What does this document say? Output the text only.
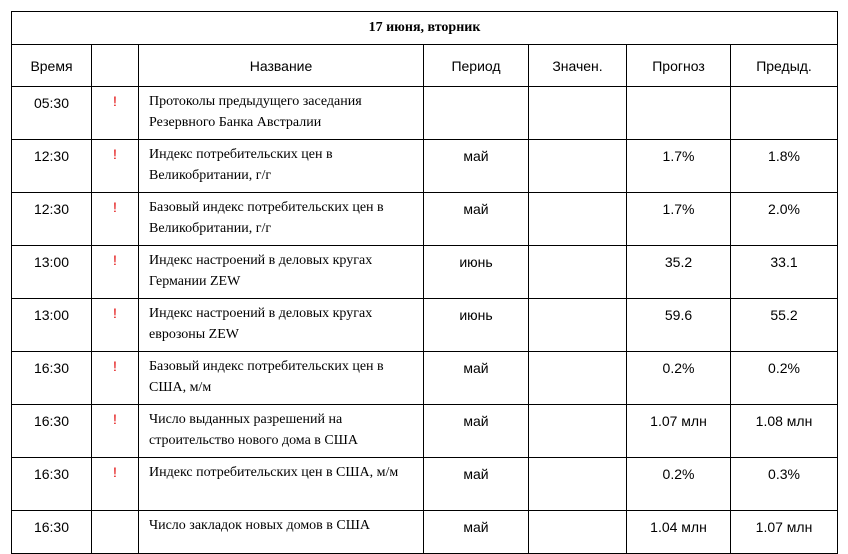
17 июня, вторник						
Время		Название	Период	Значен.	Прогноз	Предыд.
05:30	!	Протоколы предыдущего заседания Резервного Банка Австралии				
12:30	!	Индекс потребительских цен в Великобритании, г/г	май		1.7%	1.8%
12:30	!	Базовый индекс потребительских цен в Великобритании, г/г	май		1.7%	2.0%
13:00	!	Индекс настроений в деловых кругах Германии ZEW	июнь		35.2	33.1
13:00	!	Индекс настроений в деловых кругах еврозоны ZEW	июнь		59.6	55.2
16:30	!	Базовый индекс потребительских цен в США, м/м	май		0.2%	0.2%
16:30	!	Число выданных разрешений на строительство нового дома в США	май		1.07 млн	1.08 млн
16:30	!	Индекс потребительских цен в США, м/м	май		0.2%	0.3%
16:30		Число закладок новых домов в США	май		1.04 млн	1.07 млн
